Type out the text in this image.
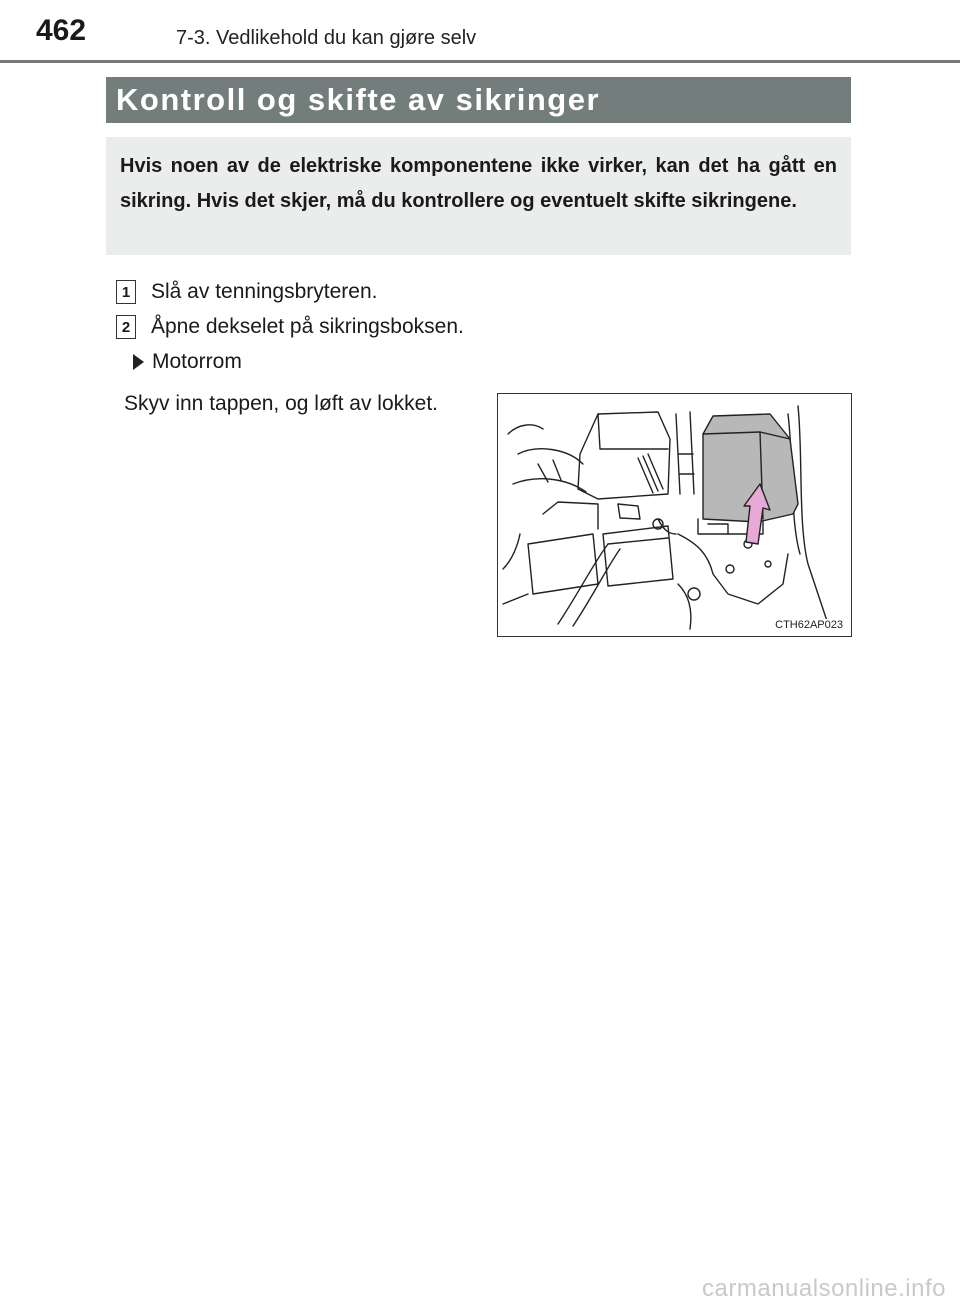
462	7-3. Vedlikehold du kan gjøre selv
Kontroll og skifte av sikringer
Hvis noen av de elektriske komponentene ikke virker, kan det ha gått en sikring. Hvis det skjer, må du kontrollere og eventuelt skifte sikringene.
1 Slå av tenningsbryteren.
2 Åpne dekselet på sikringsboksen.
Motorrom
Skyv inn tappen, og løft av lokket.
CTH62AP023
carmanualsonline.info
